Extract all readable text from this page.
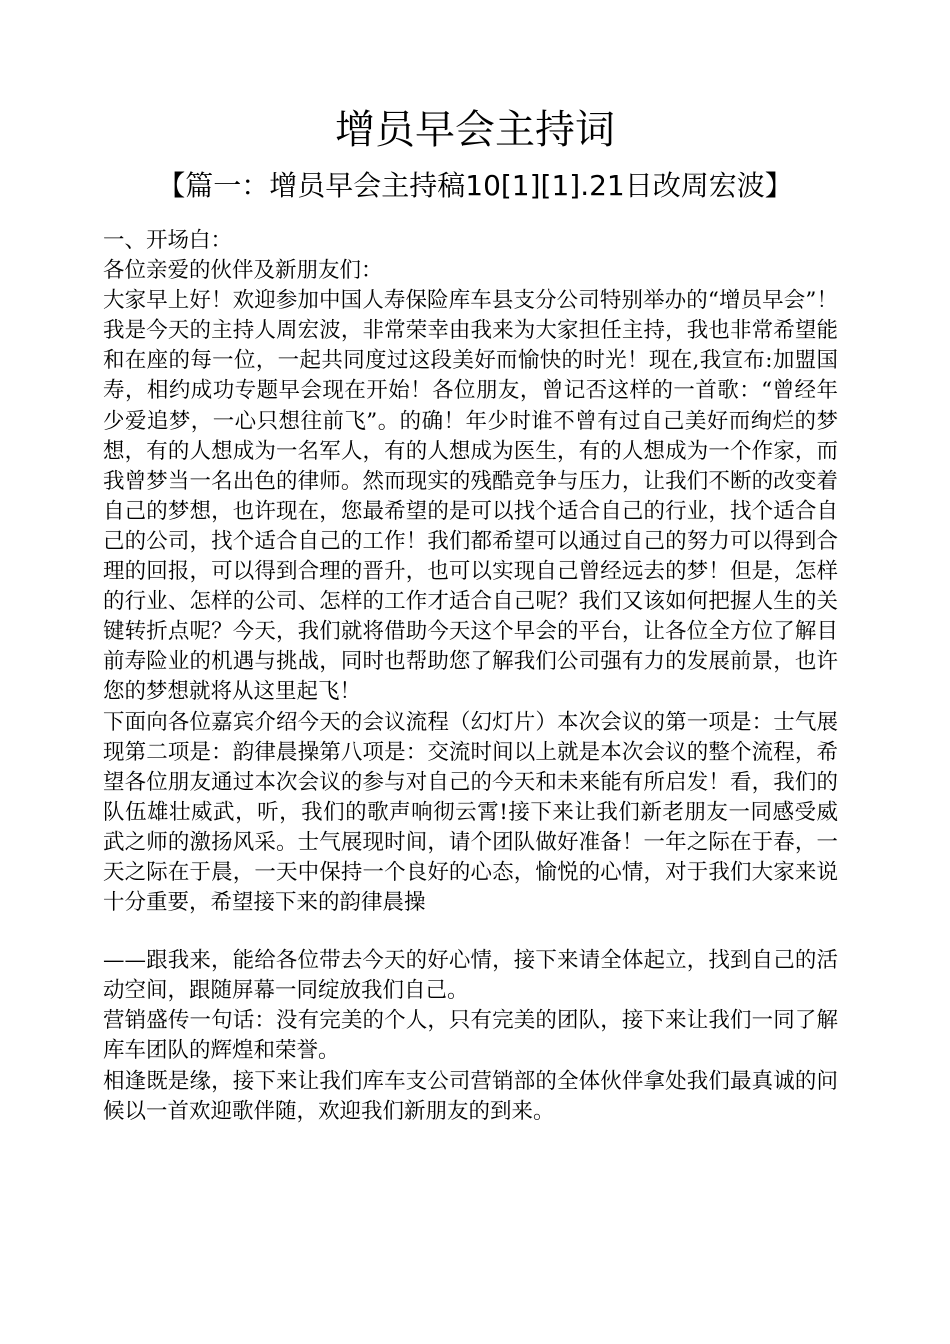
增员早会主持词
【篇一：增员早会主持稿10[1][1].21日改周宏波】

一、开场白：

各位亲爱的伙伴及新朋友们：

大家早上好！欢迎参加中国人寿保险库车县支分公司特别举办的“增员早会”！我是今天的主持人周宏波，非常荣幸由我来为大家担任主持，我也非常希望能和在座的每一位，一起共同度过这段美好而愉快的时光！现在,我宣布:加盟国寿，相约成功专题早会现在开始！各位朋友，曾记否这样的一首歌：“曾经年少爱追梦，一心只想往前飞”。的确！年少时谁不曾有过自己美好而绚烂的梦想，有的人想成为一名军人，有的人想成为医生，有的人想成为一个作家，而我曾梦当一名出色的律师。然而现实的残酷竞争与压力，让我们不断的改变着自己的梦想，也许现在，您最希望的是可以找个适合自己的行业，找个适合自己的公司，找个适合自己的工作！我们都希望可以通过自己的努力可以得到合理的回报，可以得到合理的晋升，也可以实现自己曾经远去的梦！但是，怎样的行业、怎样的公司、怎样的工作才适合自己呢？我们又该如何把握人生的关键转折点呢？今天，我们就将借助今天这个早会的平台，让各位全方位了解目前寿险业的机遇与挑战，同时也帮助您了解我们公司强有力的发展前景，也许您的梦想就将从这里起飞！

下面向各位嘉宾介绍今天的会议流程（幻灯片）本次会议的第一项是：士气展现第二项是：韵律晨操第八项是：交流时间以上就是本次会议的整个流程，希望各位朋友通过本次会议的参与对自己的今天和未来能有所启发！看，我们的队伍雄壮威武，听，我们的歌声响彻云霄!接下来让我们新老朋友一同感受威武之师的激扬风采。士气展现时间，请个团队做好准备！一年之际在于春，一天之际在于晨，一天中保持一个良好的心态，愉悦的心情，对于我们大家来说十分重要，希望接下来的韵律晨操

——跟我来，能给各位带去今天的好心情，接下来请全体起立，找到自己的活动空间，跟随屏幕一同绽放我们自己。

营销盛传一句话：没有完美的个人，只有完美的团队，接下来让我们一同了解库车团队的辉煌和荣誉。

相逢既是缘，接下来让我们库车支公司营销部的全体伙伴拿处我们最真诚的问候以一首欢迎歌伴随，欢迎我们新朋友的到来。
